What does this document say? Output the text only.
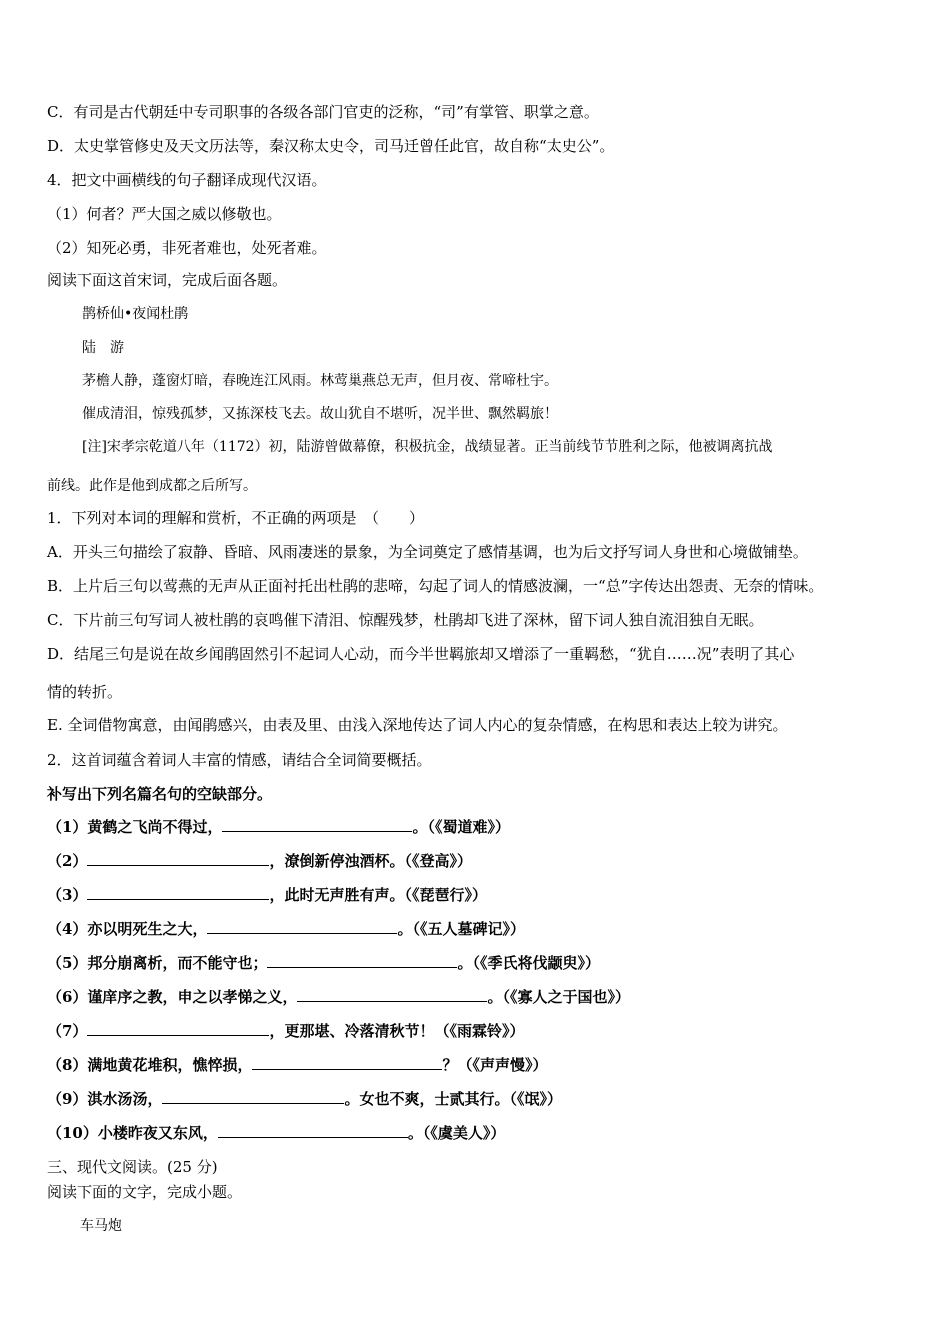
C．有司是古代朝廷中专司职事的各级各部门官吏的泛称，“司”有掌管、职掌之意。
D．太史掌管修史及天文历法等，秦汉称太史令，司马迁曾任此官，故自称“太史公”。
4．把文中画横线的句子翻译成现代汉语。
（1）何者？严大国之威以修敬也。
（2）知死必勇，非死者难也，处死者难。
阅读下面这首宋词，完成后面各题。
鹊桥仙•夜闻杜鹃
陆　游
茅檐人静，蓬窗灯暗，春晚连江风雨。林莺巢燕总无声，但月夜、常啼杜宇。
催成清泪，惊残孤梦，又拣深枝飞去。故山犹自不堪听，况半世、飘然羁旅！
[注]宋孝宗乾道八年（1172）初，陆游曾做幕僚，积极抗金，战绩显著。正当前线节节胜利之际，他被调离抗战
前线。此作是他到成都之后所写。
1．下列对本词的理解和赏析，不正确的两项是　（　　）
A．开头三句描绘了寂静、昏暗、风雨凄迷的景象，为全词奠定了感情基调，也为后文抒写词人身世和心境做铺垫。
B．上片后三句以莺燕的无声从正面衬托出杜鹃的悲啼，勾起了词人的情感波澜，一“总”字传达出怨责、无奈的情味。
C．下片前三句写词人被杜鹃的哀鸣催下清泪、惊醒残梦，杜鹃却飞进了深林，留下词人独自流泪独自无眠。
D．结尾三句是说在故乡闻鹃固然引不起词人心动，而今半世羁旅却又增添了一重羁愁，“犹自……况”表明了其心
情的转折。
E. 全词借物寓意，由闻鹃感兴，由表及里、由浅入深地传达了词人内心的复杂情感，在构思和表达上较为讲究。
2．这首词蕴含着词人丰富的情感，请结合全词简要概括。
补写出下列名篇名句的空缺部分。
（1）黄鹤之飞尚不得过，	。（《蜀道难》）
（2）	，潦倒新停浊酒杯。（《登高》）
（3）	，此时无声胜有声。（《琵琶行》）
（4）亦以明死生之大，	。（《五人墓碑记》）
（5）邦分崩离析，而不能守也；	。（《季氏将伐颛臾》）
（6）谨庠序之教，申之以孝悌之义，	。（《寡人之于国也》）
（7）	，更那堪、冷落清秋节！（《雨霖铃》）
（8）满地黄花堆积，憔悴损，	？（《声声慢》）
（9）淇水汤汤，	。女也不爽，士贰其行。（《氓》）
（10）小楼昨夜又东风，	。（《虞美人》）
三、现代文阅读。(25 分)
阅读下面的文字，完成小题。
车马炮
